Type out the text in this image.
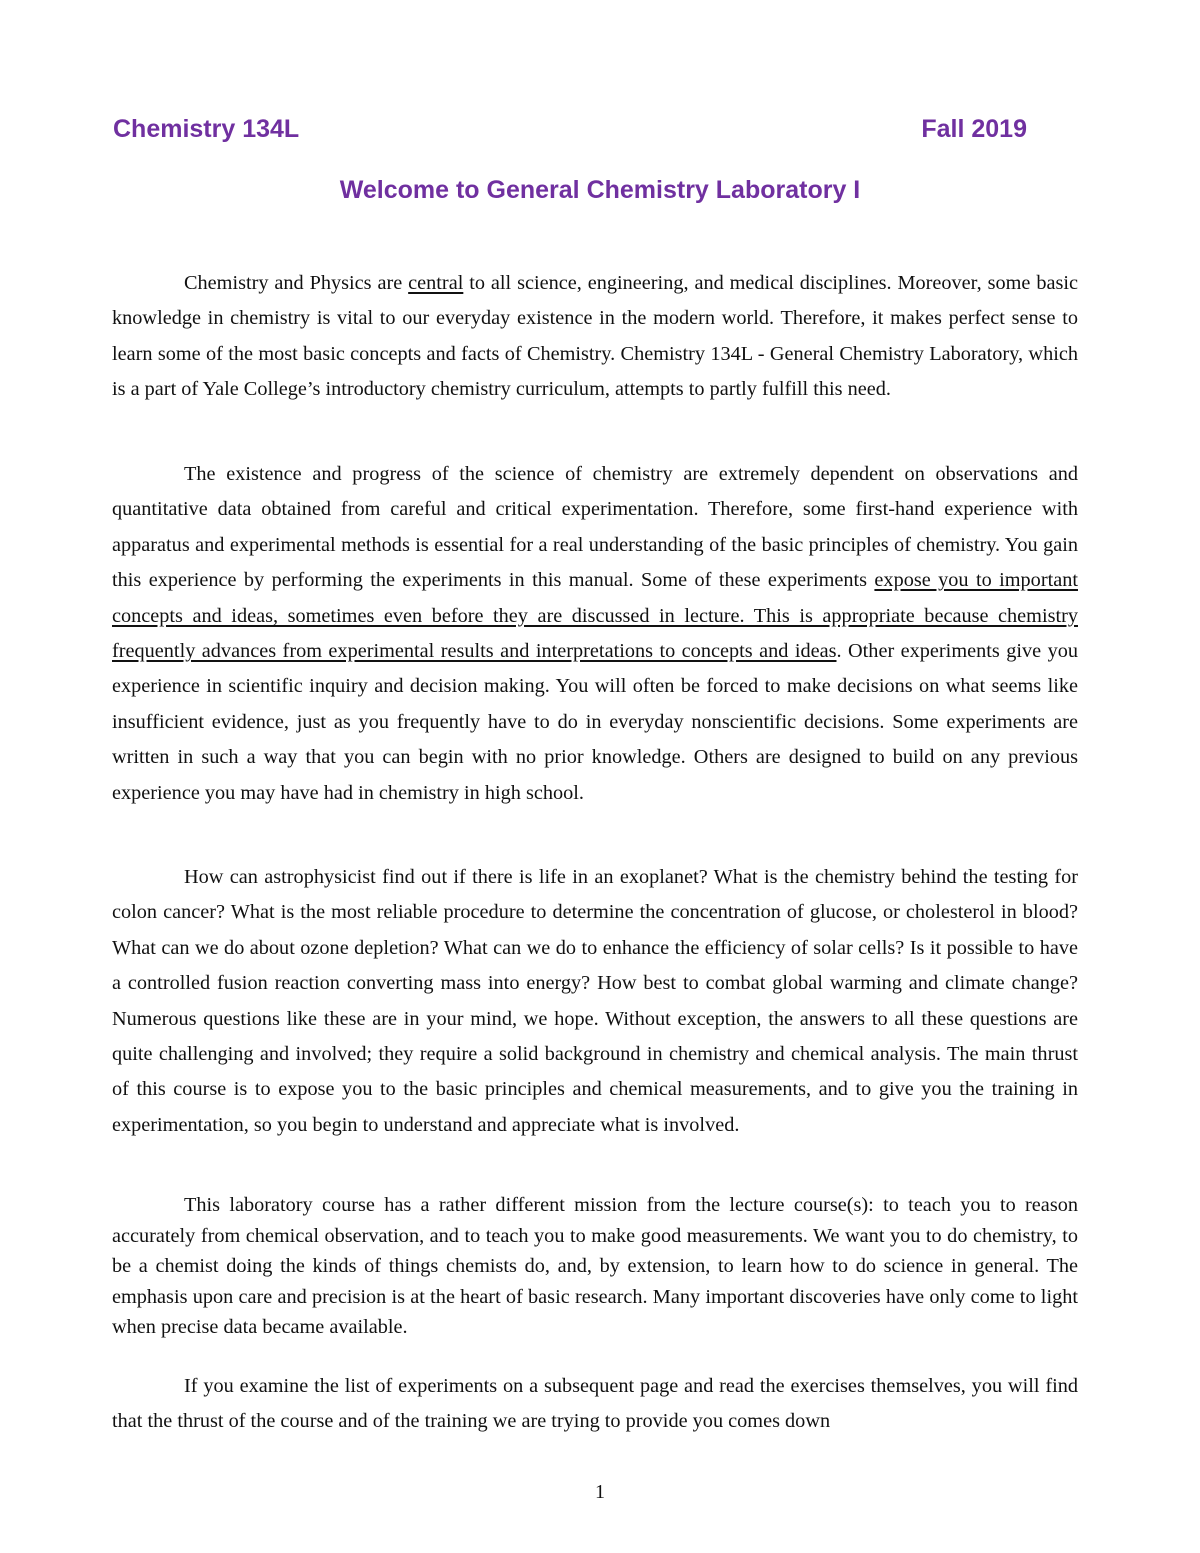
Chemistry 134L	Fall 2019
Welcome to General Chemistry Laboratory I

Chemistry and Physics are central to all science, engineering, and medical disciplines. Moreover, some basic knowledge in chemistry is vital to our everyday existence in the modern world. Therefore, it makes perfect sense to learn some of the most basic concepts and facts of Chemistry. Chemistry 134L - General Chemistry Laboratory, which is a part of Yale College’s introductory chemistry curriculum, attempts to partly fulfill this need.

The existence and progress of the science of chemistry are extremely dependent on observations and quantitative data obtained from careful and critical experimentation. Therefore, some first-hand experience with apparatus and experimental methods is essential for a real understanding of the basic principles of chemistry. You gain this experience by performing the experiments in this manual. Some of these experiments expose you to important concepts and ideas, sometimes even before they are discussed in lecture. This is appropriate because chemistry frequently advances from experimental results and interpretations to concepts and ideas. Other experiments give you experience in scientific inquiry and decision making. You will often be forced to make decisions on what seems like insufficient evidence, just as you frequently have to do in everyday nonscientific decisions. Some experiments are written in such a way that you can begin with no prior knowledge. Others are designed to build on any previous experience you may have had in chemistry in high school.

How can astrophysicist find out if there is life in an exoplanet? What is the chemistry behind the testing for colon cancer? What is the most reliable procedure to determine the concentration of glucose, or cholesterol in blood? What can we do about ozone depletion? What can we do to enhance the efficiency of solar cells? Is it possible to have a controlled fusion reaction converting mass into energy? How best to combat global warming and climate change? Numerous questions like these are in your mind, we hope. Without exception, the answers to all these questions are quite challenging and involved; they require a solid background in chemistry and chemical analysis. The main thrust of this course is to expose you to the basic principles and chemical measurements, and to give you the training in experimentation, so you begin to understand and appreciate what is involved.

This laboratory course has a rather different mission from the lecture course(s): to teach you to reason accurately from chemical observation, and to teach you to make good measurements. We want you to do chemistry, to be a chemist doing the kinds of things chemists do, and, by extension, to learn how to do science in general. The emphasis upon care and precision is at the heart of basic research. Many important discoveries have only come to light when precise data became available.

If you examine the list of experiments on a subsequent page and read the exercises themselves, you will find that the thrust of the course and of the training we are trying to provide you comes down

1
